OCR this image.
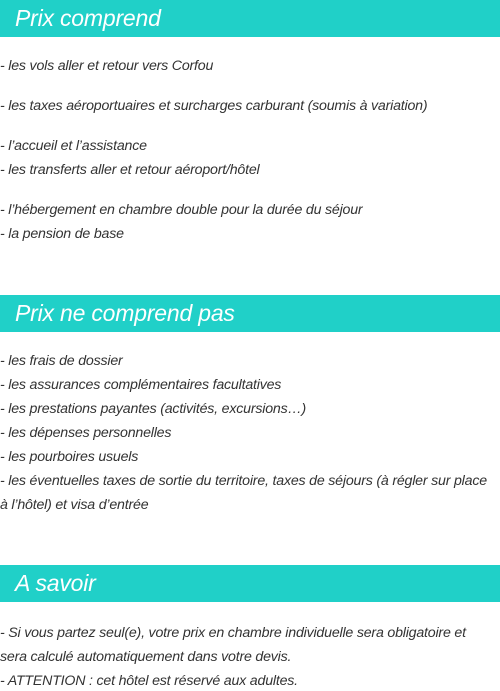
Prix comprend
- les vols aller et retour vers Corfou
- les taxes aéroportuaires et surcharges carburant (soumis à variation)
- l’accueil et l’assistance
- les transferts aller et retour aéroport/hôtel
- l’hébergement en chambre double pour la durée du séjour
- la pension de base
Prix ne comprend pas
- les frais de dossier
- les assurances complémentaires facultatives
- les prestations payantes (activités, excursions…)
- les dépenses personnelles
- les pourboires usuels
- les éventuelles taxes de sortie du territoire, taxes de séjours (à régler sur place
à l’hôtel) et visa d’entrée
A savoir
- Si vous partez seul(e), votre prix en chambre individuelle sera obligatoire et
sera calculé automatiquement dans votre devis.
- ATTENTION : cet hôtel est réservé aux adultes.
